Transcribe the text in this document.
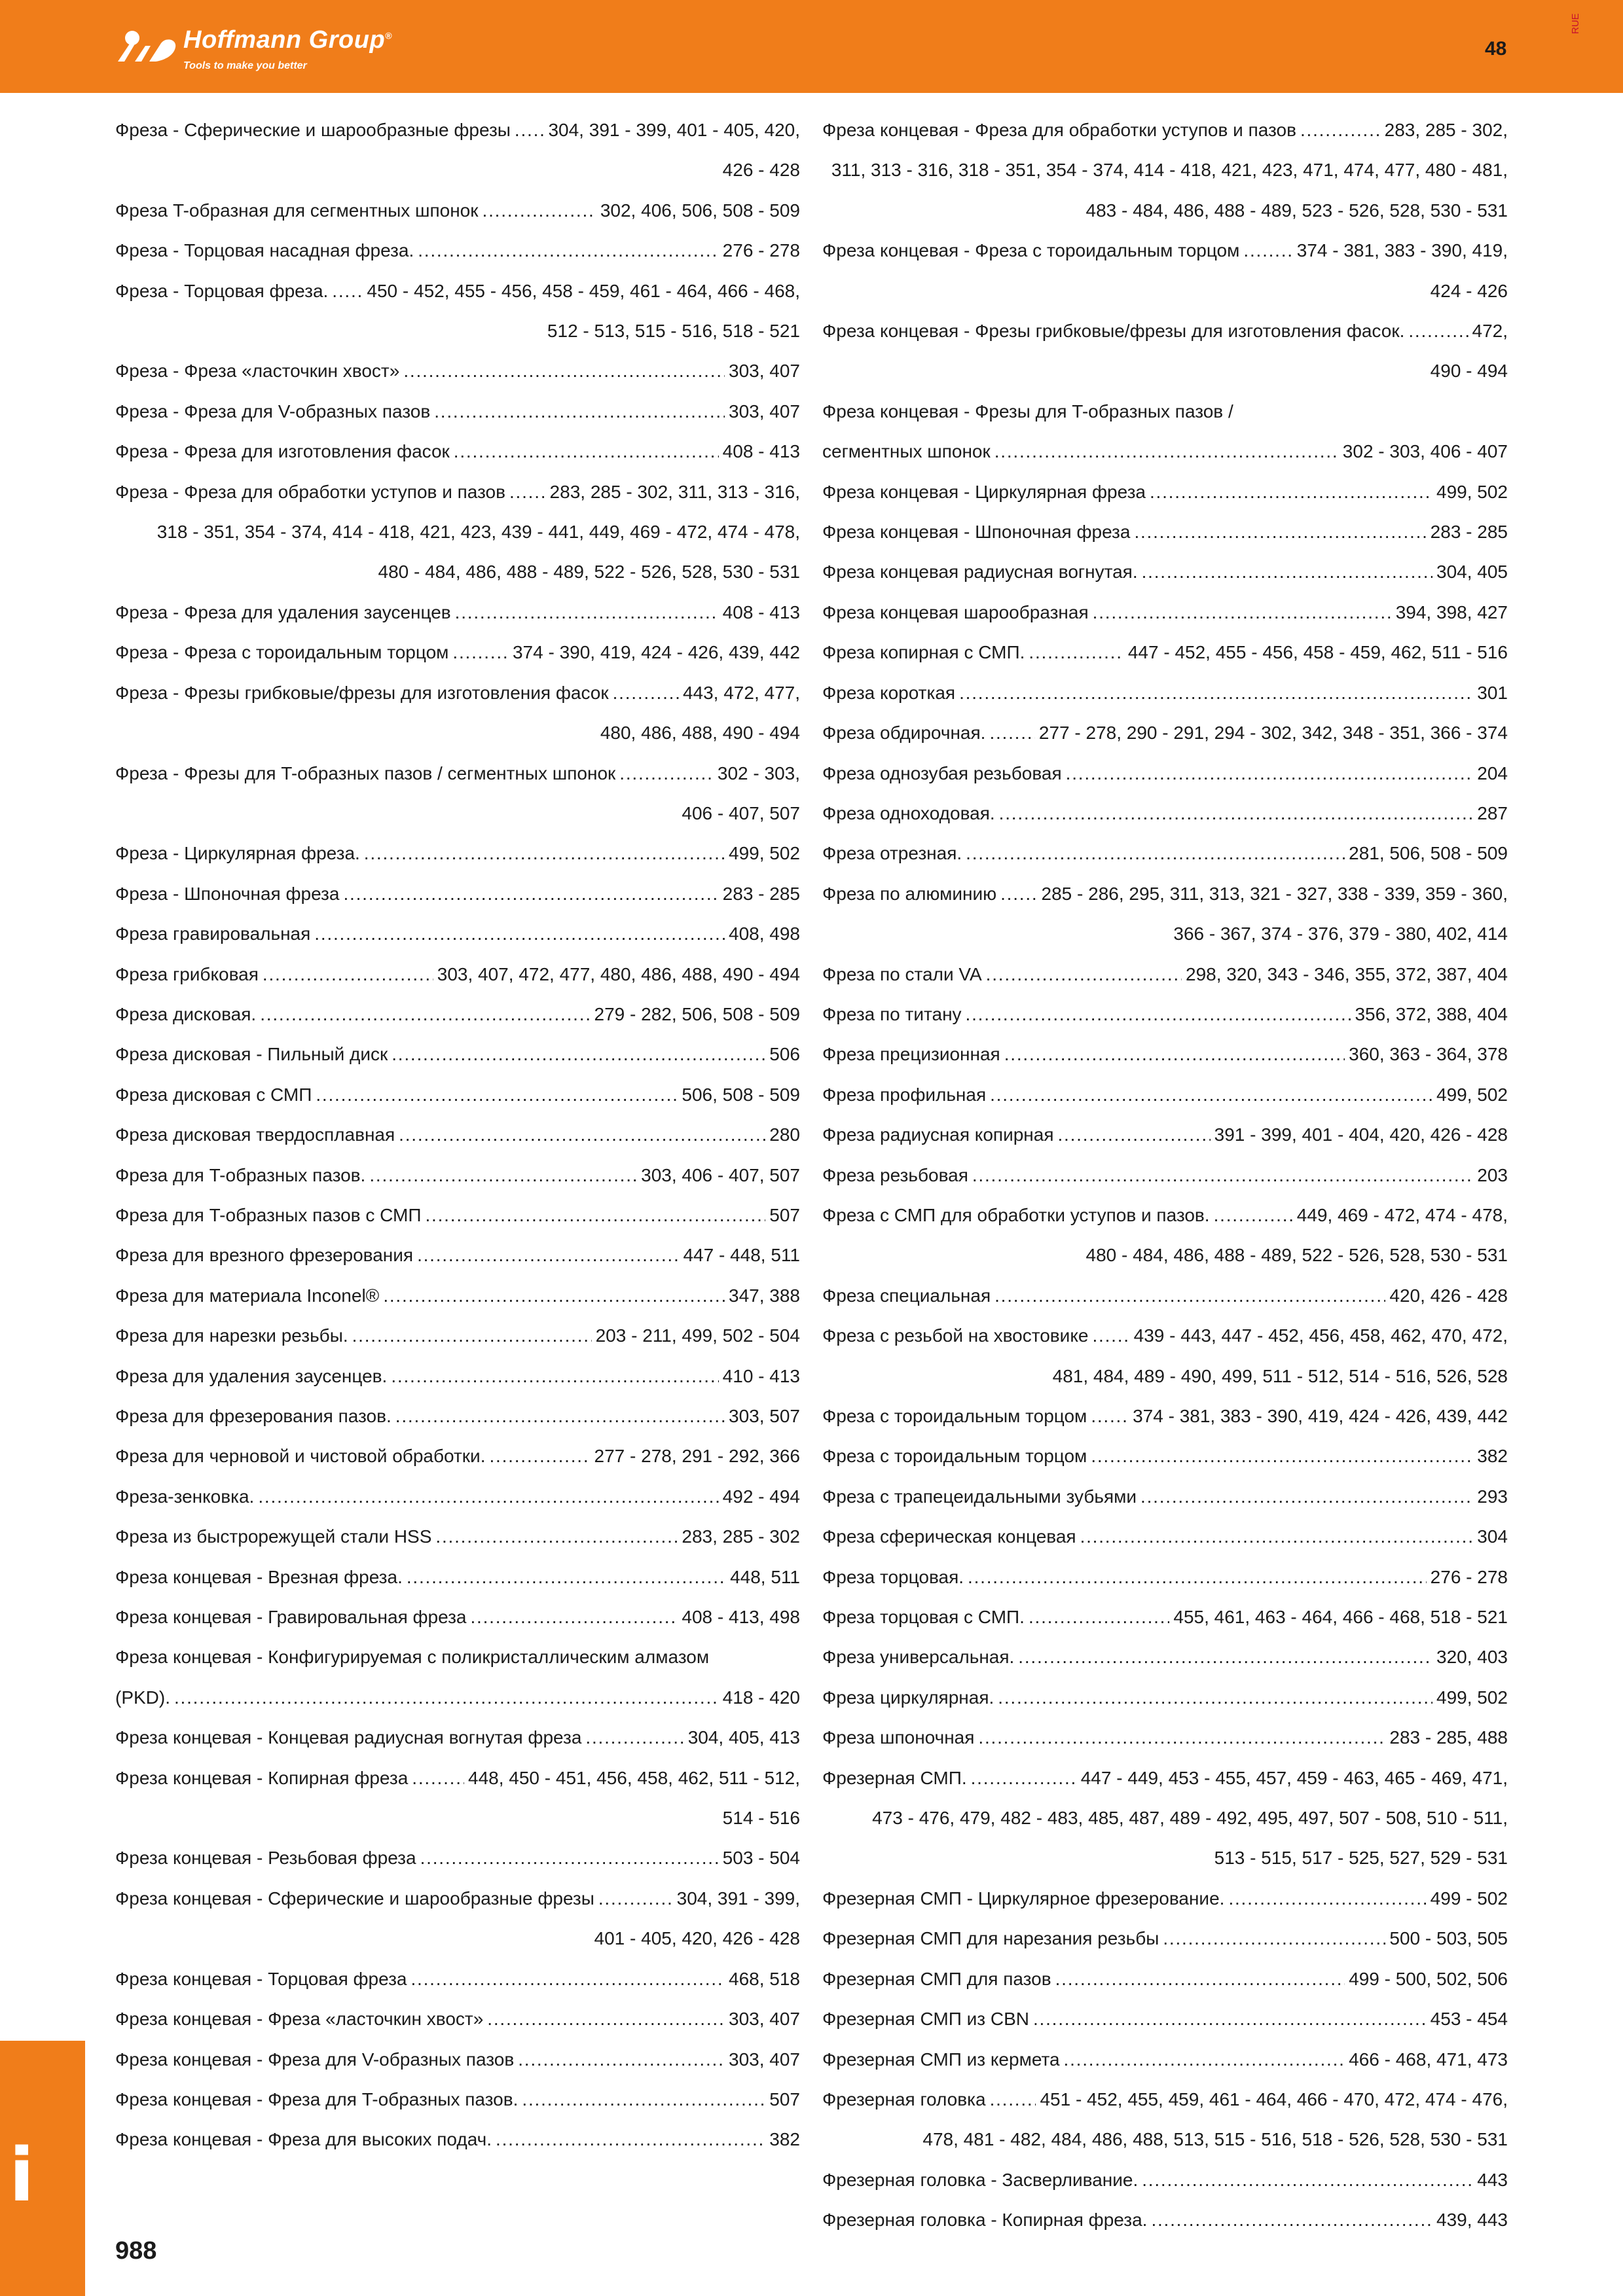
Hoffmann Group®
Tools to make you better
48
RUE
Фреза - Сферические и шарообразные фрезы . . . 304, 391 - 399, 401 - 405, 420,
426 - 428
Фреза T-образная для сегментных шпонок . . .	302, 406, 506, 508 - 509
Фреза - Торцовая насадная фреза. . . .	276 - 278
Фреза - Торцовая фреза. . . . 450 - 452, 455 - 456, 458 - 459, 461 - 464, 466 - 468,
512 - 513, 515 - 516, 518 - 521
Фреза - Фреза «ласточкин хвост» . . .	303, 407
Фреза - Фреза для V-образных пазов . . .	303, 407
Фреза - Фреза для изготовления фасок . . .	408 - 413
Фреза - Фреза для обработки уступов и пазов . . . 283, 285 - 302, 311, 313 - 316,
318 - 351, 354 - 374, 414 - 418, 421, 423, 439 - 441, 449, 469 - 472, 474 - 478,
480 - 484, 486, 488 - 489, 522 - 526, 528, 530 - 531
Фреза - Фреза для удаления заусенцев . . .	408 - 413
Фреза - Фреза с тороидальным торцом . . .	374 - 390, 419, 424 - 426, 439, 442
Фреза - Фрезы грибковые/фрезы для изготовления фасок . . .	443, 472, 477,
480, 486, 488, 490 - 494
Фреза - Фрезы для T-образных пазов / сегментных шпонок . . .	302 - 303,
406 - 407, 507
Фреза - Циркулярная фреза. . . .	499, 502
Фреза - Шпоночная фреза . . .	283 - 285
Фреза гравировальная . . .	408, 498
Фреза грибковая . . .	303, 407, 472, 477, 480, 486, 488, 490 - 494
Фреза дисковая. . . .	279 - 282, 506, 508 - 509
Фреза дисковая - Пильный диск . . .	506
Фреза дисковая с СМП . . .	506, 508 - 509
Фреза дисковая твердосплавная . . .	280
Фреза для T-образных пазов. . . .	303, 406 - 407, 507
Фреза для T-образных пазов с СМП . . .	507
Фреза для врезного фрезерования . . .	447 - 448, 511
Фреза для материала Inconel® . . .	347, 388
Фреза для нарезки резьбы. . . .	203 - 211, 499, 502 - 504
Фреза для удаления заусенцев. . . .	410 - 413
Фреза для фрезерования пазов. . . .	303, 507
Фреза для черновой и чистовой обработки. . . .	277 - 278, 291 - 292, 366
Фреза-зенковка. . . .	492 - 494
Фреза из быстрорежущей стали HSS . . .	283, 285 - 302
Фреза концевая - Врезная фреза. . . .	448, 511
Фреза концевая - Гравировальная фреза . . .	408 - 413, 498
Фреза концевая - Конфигурируемая с поликристаллическим алмазом
(PKD). . . .	418 - 420
Фреза концевая - Концевая радиусная вогнутая фреза . . .	304, 405, 413
Фреза концевая - Копирная фреза . . .	448, 450 - 451, 456, 458, 462, 511 - 512,
514 - 516
Фреза концевая - Резьбовая фреза . . .	503 - 504
Фреза концевая - Сферические и шарообразные фрезы . . .	304, 391 - 399,
401 - 405, 420, 426 - 428
Фреза концевая - Торцовая фреза . . .	468, 518
Фреза концевая - Фреза «ласточкин хвост» . . .	303, 407
Фреза концевая - Фреза для V-образных пазов . . .	303, 407
Фреза концевая - Фреза для T-образных пазов. . . .	507
Фреза концевая - Фреза для высоких подач. . . .	382
Фреза концевая - Фреза для обработки уступов и пазов . . .	283, 285 - 302,
311, 313 - 316, 318 - 351, 354 - 374, 414 - 418, 421, 423, 471, 474, 477, 480 - 481,
483 - 484, 486, 488 - 489, 523 - 526, 528, 530 - 531
Фреза концевая - Фреза с тороидальным торцом . . .	374 - 381, 383 - 390, 419,
424 - 426
Фреза концевая - Фрезы грибковые/фрезы для изготовления фасок. . . .	472,
490 - 494
Фреза концевая - Фрезы для T-образных пазов /
сегментных шпонок . . .	302 - 303, 406 - 407
Фреза концевая - Циркулярная фреза . . .	499, 502
Фреза концевая - Шпоночная фреза . . .	283 - 285
Фреза концевая радиусная вогнутая. . . .	304, 405
Фреза концевая шарообразная . . .	394, 398, 427
Фреза копирная с СМП. . . .	447 - 452, 455 - 456, 458 - 459, 462, 511 - 516
Фреза короткая . . .	301
Фреза обдирочная. . . .	277 - 278, 290 - 291, 294 - 302, 342, 348 - 351, 366 - 374
Фреза однозубая резьбовая . . .	204
Фреза одноходовая. . . .	287
Фреза отрезная. . . .	281, 506, 508 - 509
Фреза по алюминию . . . 285 - 286, 295, 311, 313, 321 - 327, 338 - 339, 359 - 360,
366 - 367, 374 - 376, 379 - 380, 402, 414
Фреза по стали VA . . .	298, 320, 343 - 346, 355, 372, 387, 404
Фреза по титану . . .	356, 372, 388, 404
Фреза прецизионная . . .	360, 363 - 364, 378
Фреза профильная . . .	499, 502
Фреза радиусная копирная . . .	391 - 399, 401 - 404, 420, 426 - 428
Фреза резьбовая . . .	203
Фреза с СМП для обработки уступов и пазов. . . .	449, 469 - 472, 474 - 478,
480 - 484, 486, 488 - 489, 522 - 526, 528, 530 - 531
Фреза специальная . . .	420, 426 - 428
Фреза с резьбой на хвостовике . . . 439 - 443, 447 - 452, 456, 458, 462, 470, 472,
481, 484, 489 - 490, 499, 511 - 512, 514 - 516, 526, 528
Фреза с тороидальным торцом . . . 374 - 381, 383 - 390, 419, 424 - 426, 439, 442
Фреза с тороидальным торцом . . .	382
Фреза с трапецеидальными зубьями . . .	293
Фреза сферическая концевая . . .	304
Фреза торцовая. . . .	276 - 278
Фреза торцовая с СМП. . . .	455, 461, 463 - 464, 466 - 468, 518 - 521
Фреза универсальная. . . .	320, 403
Фреза циркулярная. . . .	499, 502
Фреза шпоночная . . .	283 - 285, 488
Фрезерная СМП. . . .	447 - 449, 453 - 455, 457, 459 - 463, 465 - 469, 471,
473 - 476, 479, 482 - 483, 485, 487, 489 - 492, 495, 497, 507 - 508, 510 - 511,
513 - 515, 517 - 525, 527, 529 - 531
Фрезерная СМП - Циркулярное фрезерование. . . .	499 - 502
Фрезерная СМП для нарезания резьбы . . .	500 - 503, 505
Фрезерная СМП для пазов . . .	499 - 500, 502, 506
Фрезерная СМП из CBN . . .	453 - 454
Фрезерная СМП из кермета . . .	466 - 468, 471, 473
Фрезерная головка . . .	451 - 452, 455, 459, 461 - 464, 466 - 470, 472, 474 - 476,
478, 481 - 482, 484, 486, 488, 513, 515 - 516, 518 - 526, 528, 530 - 531
Фрезерная головка - Засверливание. . . .	443
Фрезерная головка - Копирная фреза. . . .	439, 443
i
988
